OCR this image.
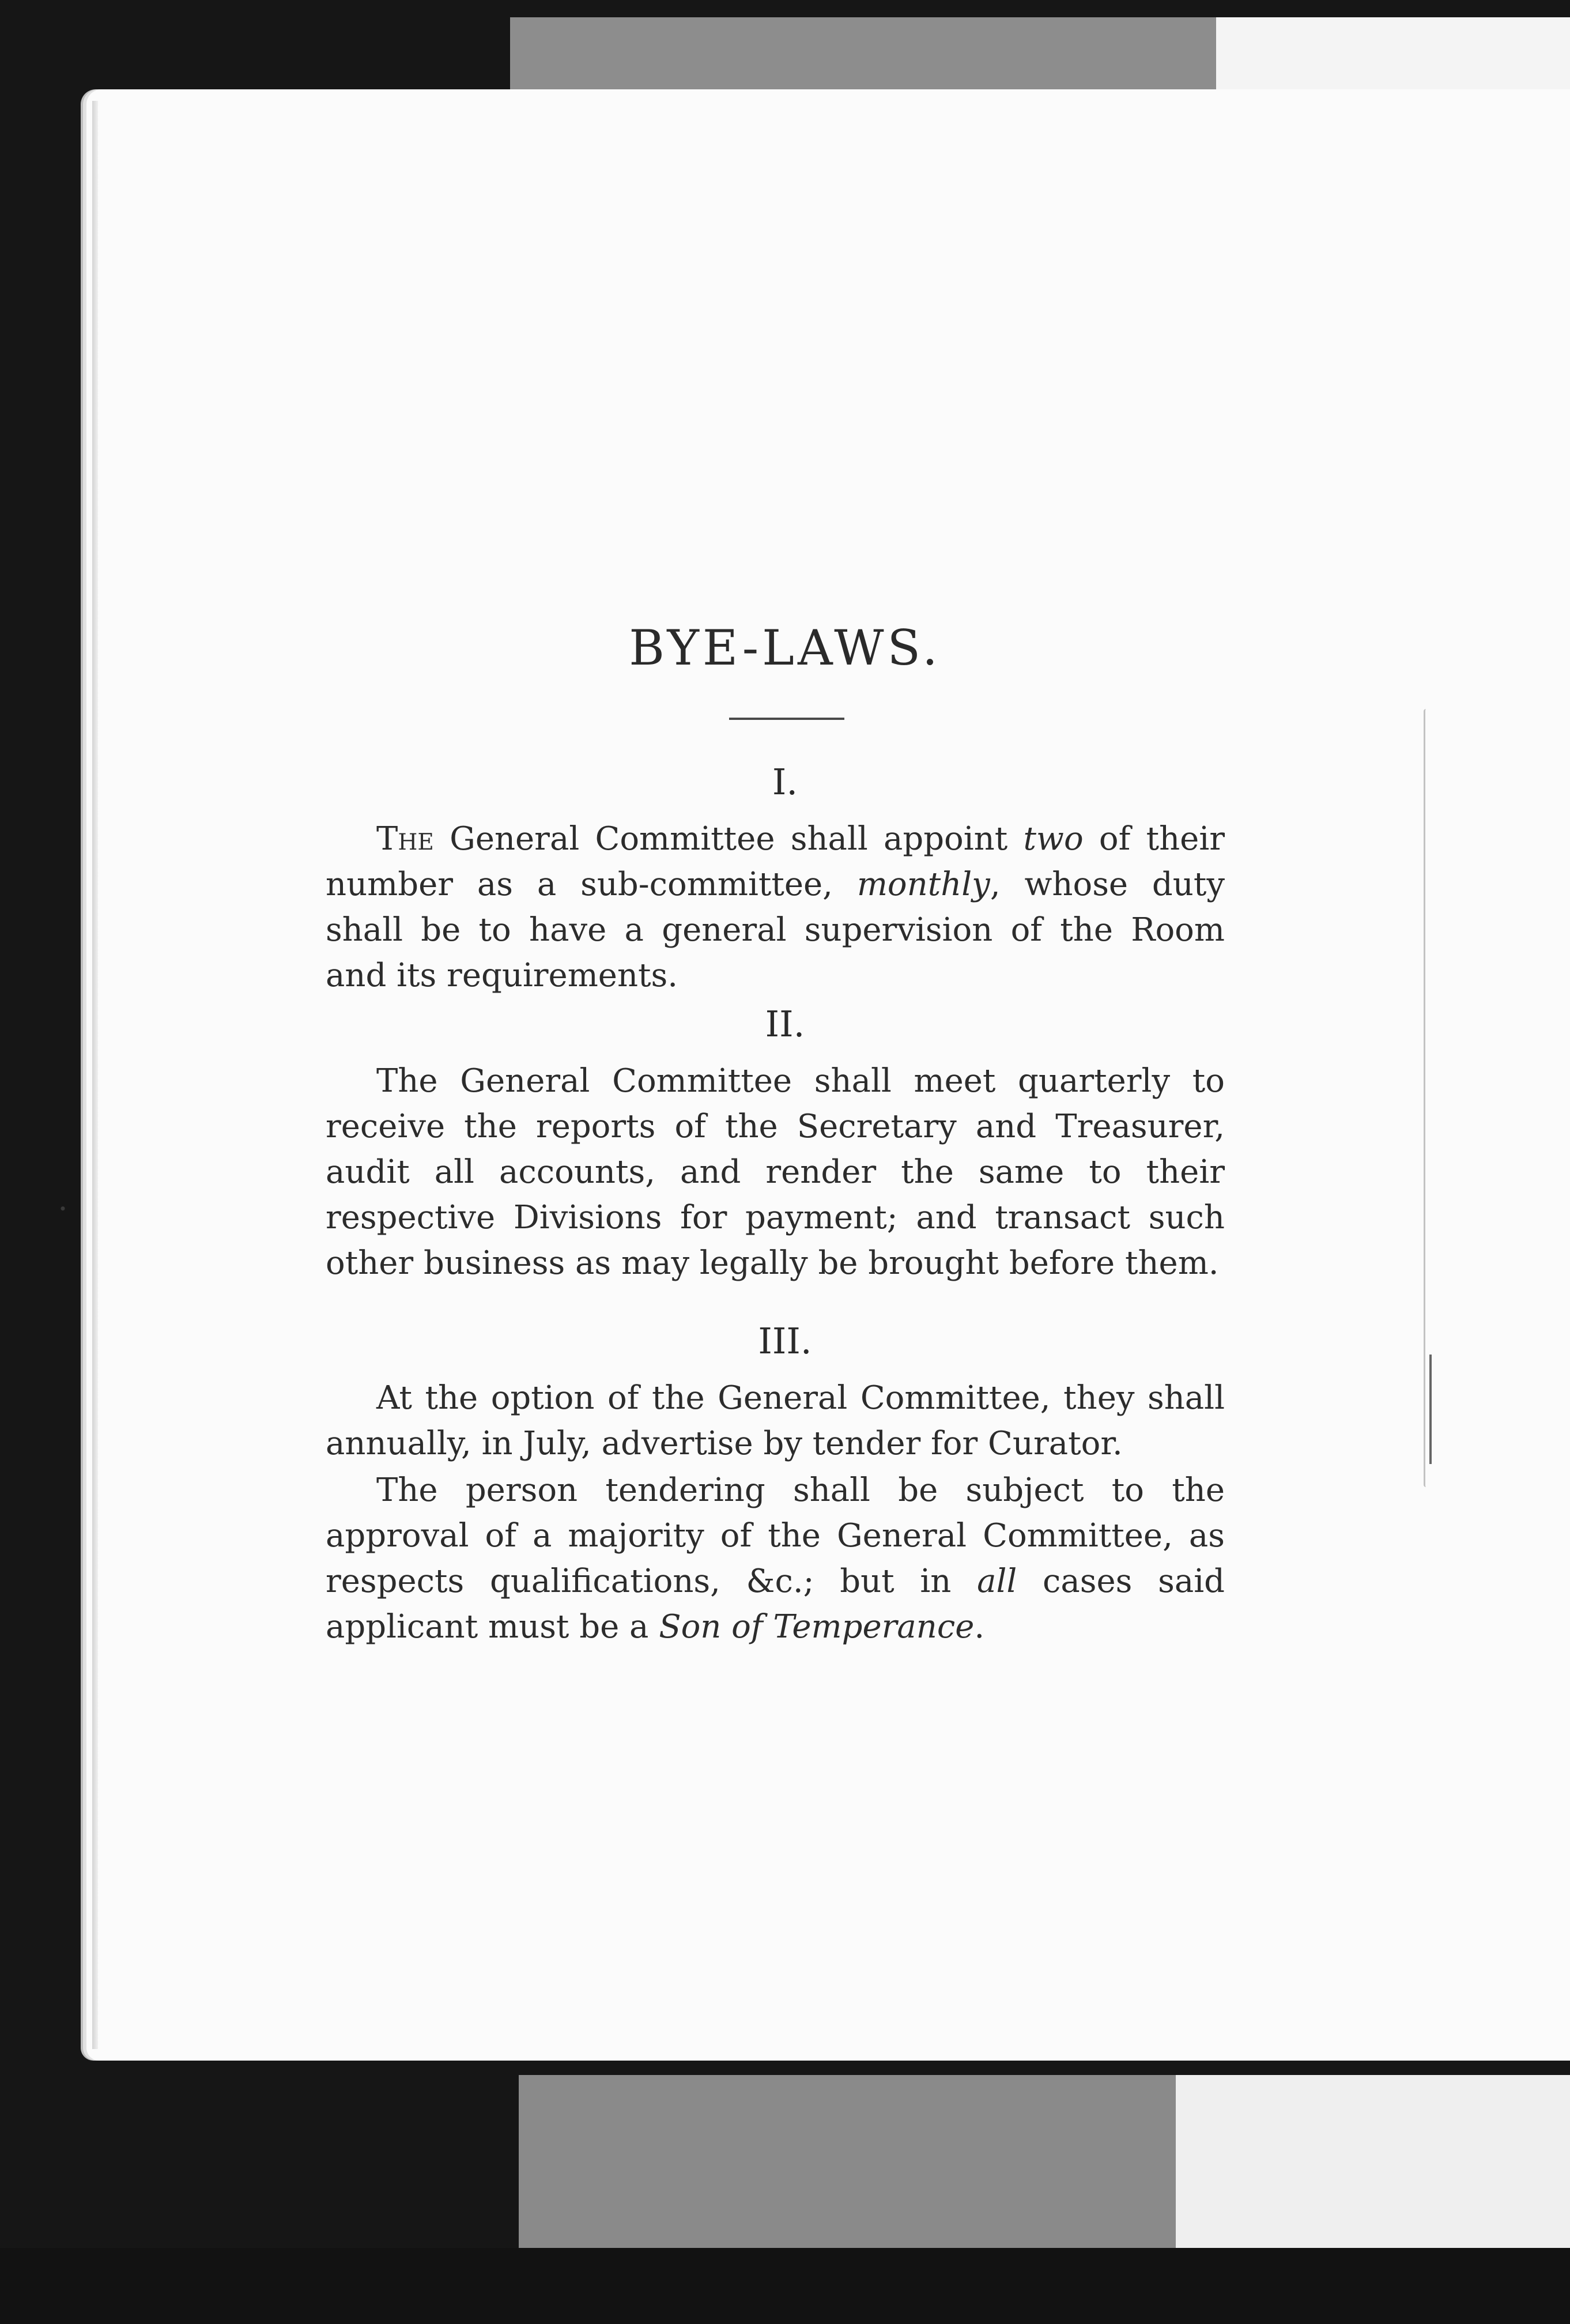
BYE-LAWS.
I.

The General Committee shall appoint two of their number as a sub-committee, monthly, whose duty shall be to have a general supervision of the Room and its requirements.

II.

The General Committee shall meet quarterly to receive the reports of the Secretary and Treasurer, audit all accounts, and render the same to their respective Divisions for payment; and transact such other business as may legally be brought before them.

III.

At the option of the General Committee, they shall annually, in July, advertise by tender for Curator.

The person tendering shall be subject to the approval of a majority of the General Committee, as respects qualifications, &c.; but in all cases said applicant must be a Son of Temperance.
